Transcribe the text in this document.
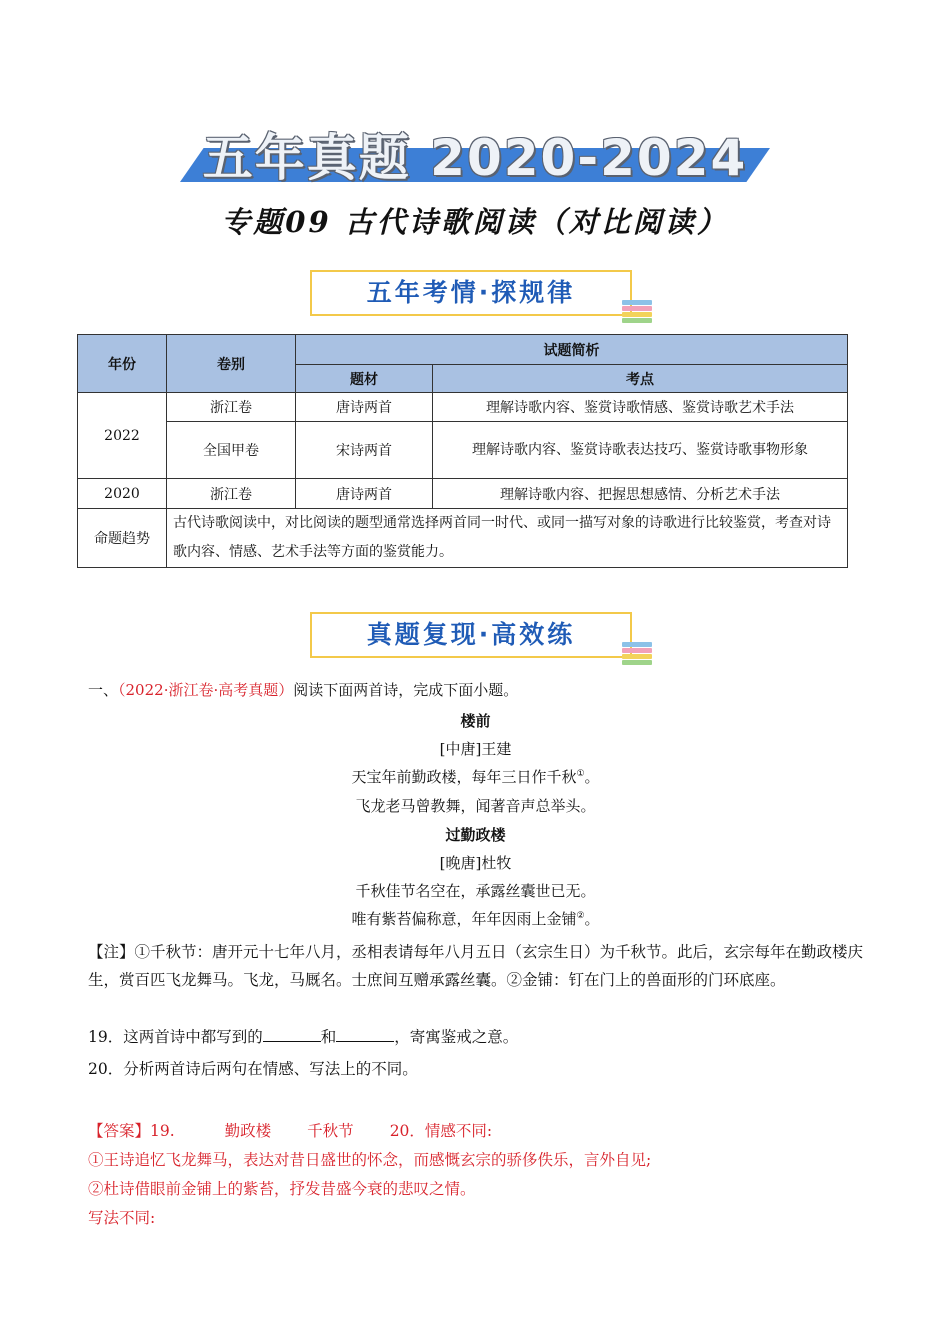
五年真题 2020-2024
专题09 古代诗歌阅读（对比阅读）
五年考情·探规律
年份	卷别	试题简析	
		题材	考点
2022	浙江卷	唐诗两首	理解诗歌内容、鉴赏诗歌情感、鉴赏诗歌艺术手法
	全国甲卷	宋诗两首	理解诗歌内容、鉴赏诗歌表达技巧、鉴赏诗歌事物形象
2020	浙江卷	唐诗两首	理解诗歌内容、把握思想感情、分析艺术手法
命题趋势	古代诗歌阅读中，对比阅读的题型通常选择两首同一时代、或同一描写对象的诗歌进行比较鉴赏，考查对诗歌内容、情感、艺术手法等方面的鉴赏能力。		
真题复现·高效练
一、（2022·浙江卷·高考真题）阅读下面两首诗，完成下面小题。
楼前
[中唐]王建
天宝年前勤政楼，每年三日作千秋①。
飞龙老马曾教舞，闻著音声总举头。
过勤政楼
[晚唐]杜牧
千秋佳节名空在，承露丝囊世已无。
唯有紫苔偏称意，年年因雨上金铺②。
【注】①千秋节：唐开元十七年八月，丞相表请每年八月五日（玄宗生日）为千秋节。此后，玄宗每年在勤政楼庆生，赏百匹飞龙舞马。飞龙，马厩名。士庶间互赠承露丝囊。②金铺：钉在门上的兽面形的门环底座。
19．这两首诗中都写到的	和	，寄寓鉴戒之意。
20．分析两首诗后两句在情感、写法上的不同。
【答案】19.	勤政楼 千秋节 20．情感不同:
①王诗追忆飞龙舞马，表达对昔日盛世的怀念，而感慨玄宗的骄侈佚乐，言外自见;
②杜诗借眼前金铺上的紫苔，抒发昔盛今衰的悲叹之情。
写法不同:
